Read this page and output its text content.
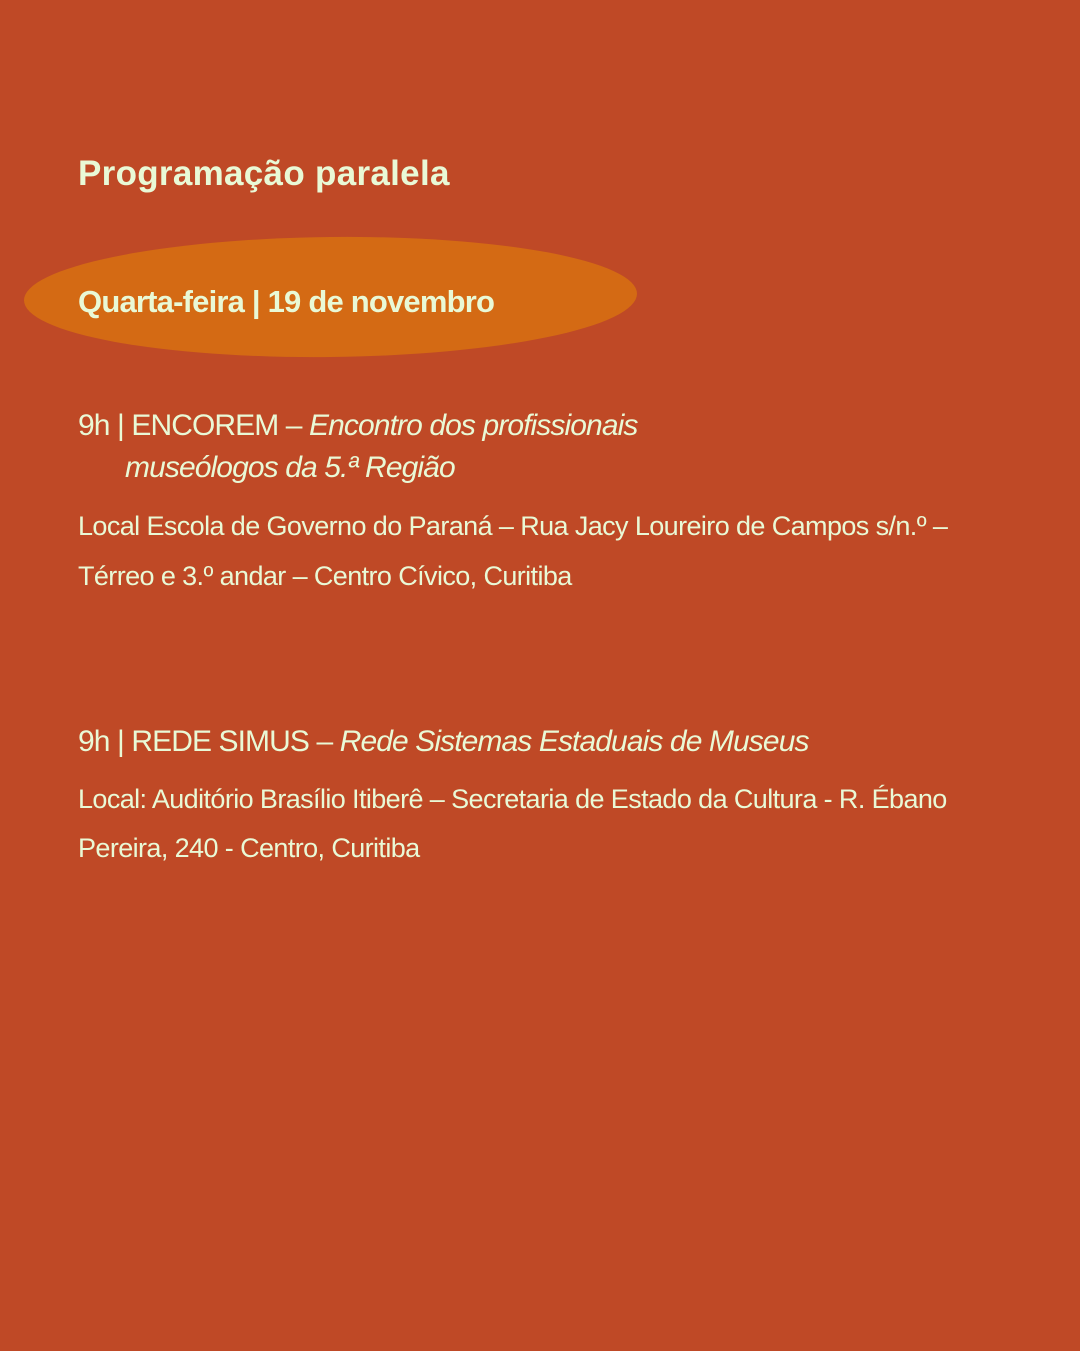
Programação paralela
Quarta-feira | 19 de novembro
9h | ENCOREM – Encontro dos profissionais
museólogos da 5.ª Região
Local Escola de Governo do Paraná – Rua Jacy Loureiro de Campos s/n.º –
Térreo e 3.º andar – Centro Cívico, Curitiba
9h | REDE SIMUS – Rede Sistemas Estaduais de Museus
Local: Auditório Brasílio Itiberê – Secretaria de Estado da Cultura - R. Ébano
Pereira, 240 - Centro, Curitiba
